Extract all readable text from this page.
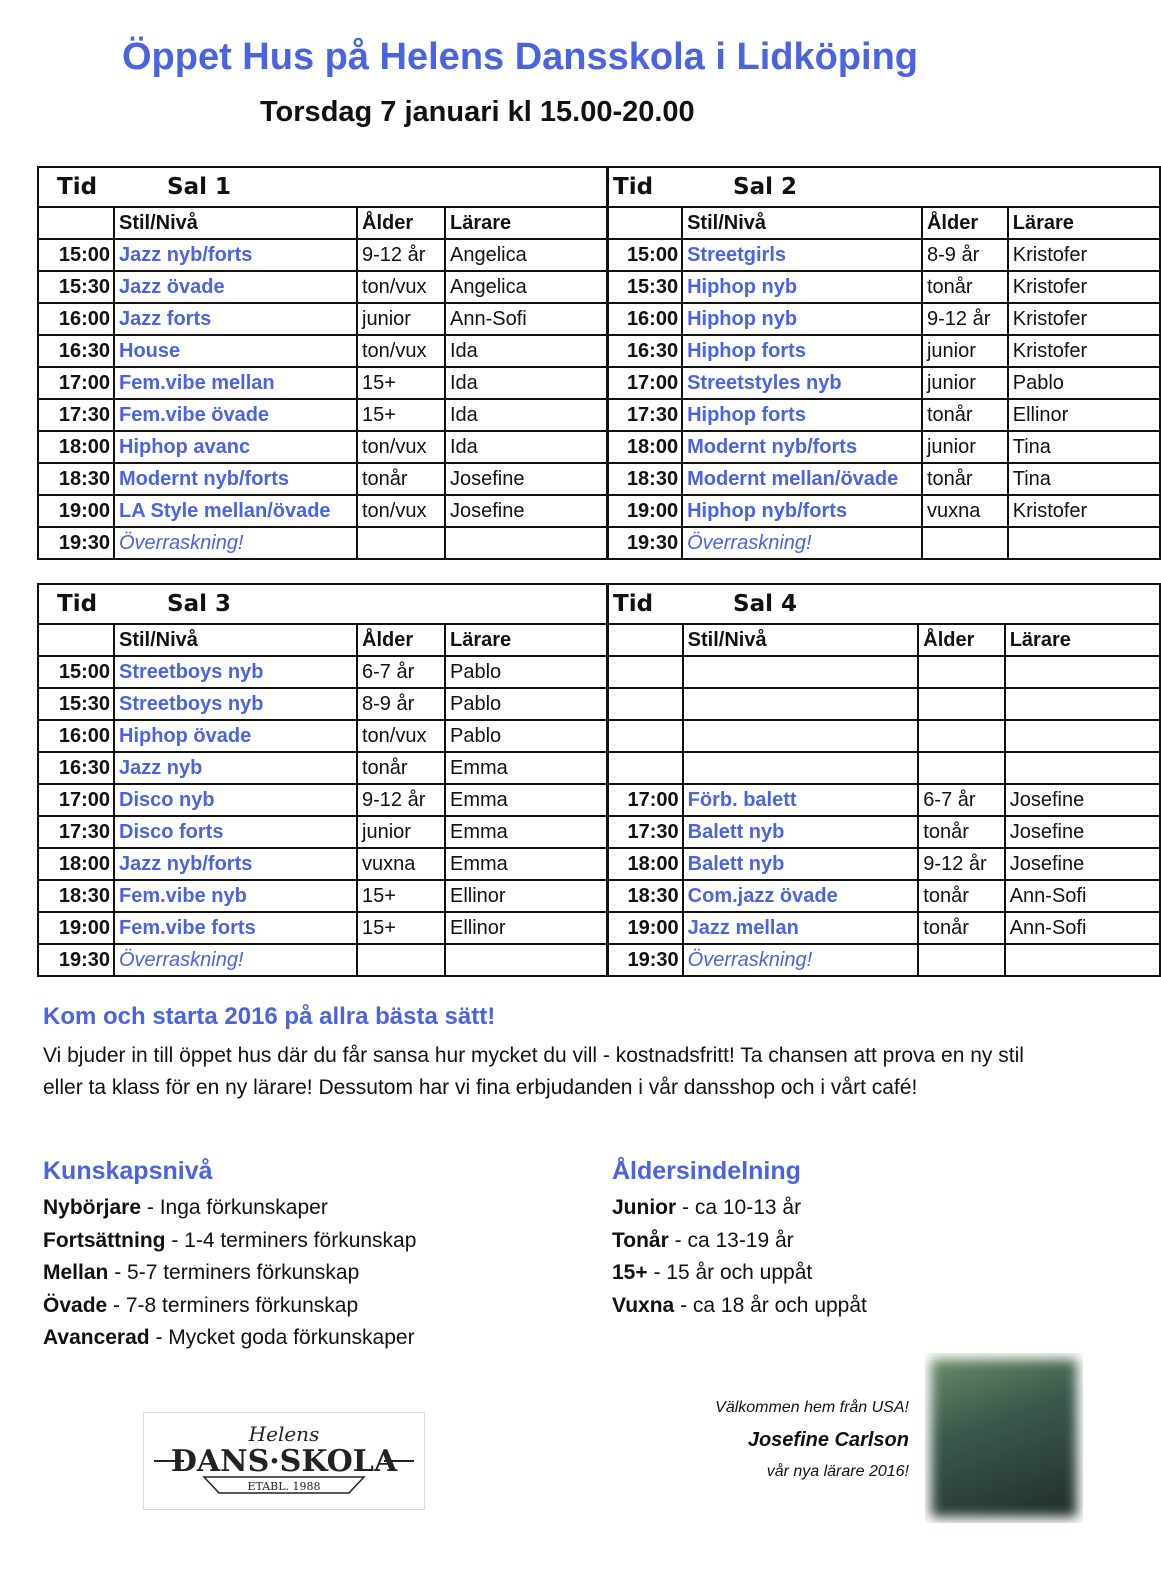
Öppet Hus på Helens Dansskola i Lidköping
Torsdag 7 januari kl 15.00-20.00
Tid Sal 1			
	Stil/Nivå	Ålder	Lärare
15:00	Jazz nyb/forts	9-12 år	Angelica
15:30	Jazz övade	ton/vux	Angelica
16:00	Jazz forts	junior	Ann-Sofi
16:30	House	ton/vux	Ida
17:00	Fem.vibe mellan	15+	Ida
17:30	Fem.vibe övade	15+	Ida
18:00	Hiphop avanc	ton/vux	Ida
18:30	Modernt nyb/forts	tonår	Josefine
19:00	LA Style mellan/övade	ton/vux	Josefine
19:30	Överraskning!		
Tid Sal 2			
	Stil/Nivå	Ålder	Lärare
15:00	Streetgirls	8-9 år	Kristofer
15:30	Hiphop nyb	tonår	Kristofer
16:00	Hiphop nyb	9-12 år	Kristofer
16:30	Hiphop forts	junior	Kristofer
17:00	Streetstyles nyb	junior	Pablo
17:30	Hiphop forts	tonår	Ellinor
18:00	Modernt nyb/forts	junior	Tina
18:30	Modernt mellan/övade	tonår	Tina
19:00	Hiphop nyb/forts	vuxna	Kristofer
19:30	Överraskning!		
Tid Sal 3			
	Stil/Nivå	Ålder	Lärare
15:00	Streetboys nyb	6-7 år	Pablo
15:30	Streetboys nyb	8-9 år	Pablo
16:00	Hiphop övade	ton/vux	Pablo
16:30	Jazz nyb	tonår	Emma
17:00	Disco nyb	9-12 år	Emma
17:30	Disco forts	junior	Emma
18:00	Jazz nyb/forts	vuxna	Emma
18:30	Fem.vibe nyb	15+	Ellinor
19:00	Fem.vibe forts	15+	Ellinor
19:30	Överraskning!		
Tid Sal 4			
	Stil/Nivå	Ålder	Lärare

17:00	Förb. balett	6-7 år	Josefine
17:30	Balett nyb	tonår	Josefine
18:00	Balett nyb	9-12 år	Josefine
18:30	Com.jazz övade	tonår	Ann-Sofi
19:00	Jazz mellan	tonår	Ann-Sofi
19:30	Överraskning!		
Kom och starta 2016 på allra bästa sätt!
Vi bjuder in till öppet hus där du får sansa hur mycket du vill - kostnadsfritt! Ta chansen att prova en ny stil eller ta klass för en ny lärare! Dessutom har vi fina erbjudanden i vår dansshop och i vårt café!
Kunskapsnivå
Nybörjare - Inga förkunskaper
Fortsättning - 1-4 terminers förkunskap
Mellan - 5-7 terminers förkunskap
Övade - 7-8 terminers förkunskap
Avancerad - Mycket goda förkunskaper
Åldersindelning
Junior - ca 10-13 år
Tonår - ca 13-19 år
15+ - 15 år och uppåt
Vuxna - ca 18 år och uppåt
Helens
DANS·SKOLA
ETABL. 1988
Välkommen hem från USA!
Josefine Carlson
vår nya lärare 2016!
